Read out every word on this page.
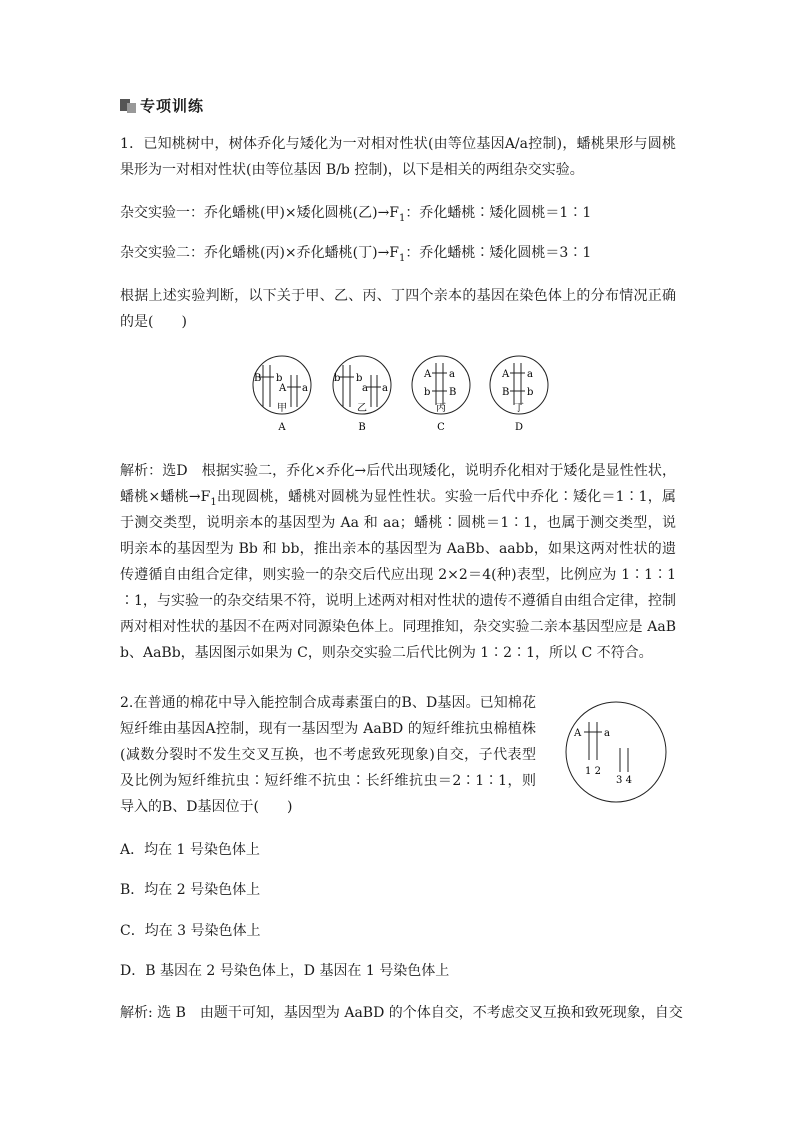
专项训练

1．已知桃树中，树体乔化与矮化为一对相对性状(由等位基因A/a控制)，蟠桃果形与圆桃果形为一对相对性状(由等位基因 B/b 控制)，以下是相关的两组杂交实验。

杂交实验一：乔化蟠桃(甲)×矮化圆桃(乙)$\to F_1$：乔化蟠桃∶矮化圆桃＝1∶1
杂交实验二：乔化蟠桃(丙)×乔化蟠桃(丁)$\to F_1$：乔化蟠桃∶矮化圆桃＝3∶1

根据上述实验判断，以下关于甲、乙、丙、丁四个亲本的基因在染色体上的分布情况正确的是(　　)

B b
A a
甲
A
b b
a a
乙
B
A a
b B
丙
C
A a
B b
丁
D

解析：选D　根据实验二，乔化×乔化→后代出现矮化，说明乔化相对于矮化是显性性状，蟠桃×蟠桃$\to F_1$出现圆桃，蟠桃对圆桃为显性性状。实验一后代中乔化∶矮化＝1∶1，属于测交类型，说明亲本的基因型为 Aa 和 aa；蟠桃∶圆桃＝1∶1，也属于测交类型，说明亲本的基因型为 Bb 和 bb，推出亲本的基因型为 AaBb、aabb，如果这两对性状的遗传遵循自由组合定律，则实验一的杂交后代应出现 2×2＝4(种)表型，比例应为 1∶1∶1∶1，与实验一的杂交结果不符，说明上述两对相对性状的遗传不遵循自由组合定律，控制两对相对性状的基因不在两对同源染色体上。同理推知，杂交实验二亲本基因型应是 AaBb、AaBb，基因图示如果为 C，则杂交实验二后代比例为 1∶2∶1，所以 C 不符合。

2.在普通的棉花中导入能控制合成毒素蛋白的B、D基因。已知棉花短纤维由基因A控制，现有一基因型为 AaBD 的短纤维抗虫棉植株(减数分裂时不发生交叉互换，也不考虑致死现象)自交，子代表型及比例为短纤维抗虫∶短纤维不抗虫∶长纤维抗虫＝2∶1∶1，则导入的B、D基因位于(　　)

A a
1 2
3 4
A．均在 1 号染色体上
B．均在 2 号染色体上
C．均在 3 号染色体上
D．B 基因在 2 号染色体上，D 基因在 1 号染色体上
解析: 选 B　由题干可知，基因型为 AaBD 的个体自交，不考虑交叉互换和致死现象，自交
